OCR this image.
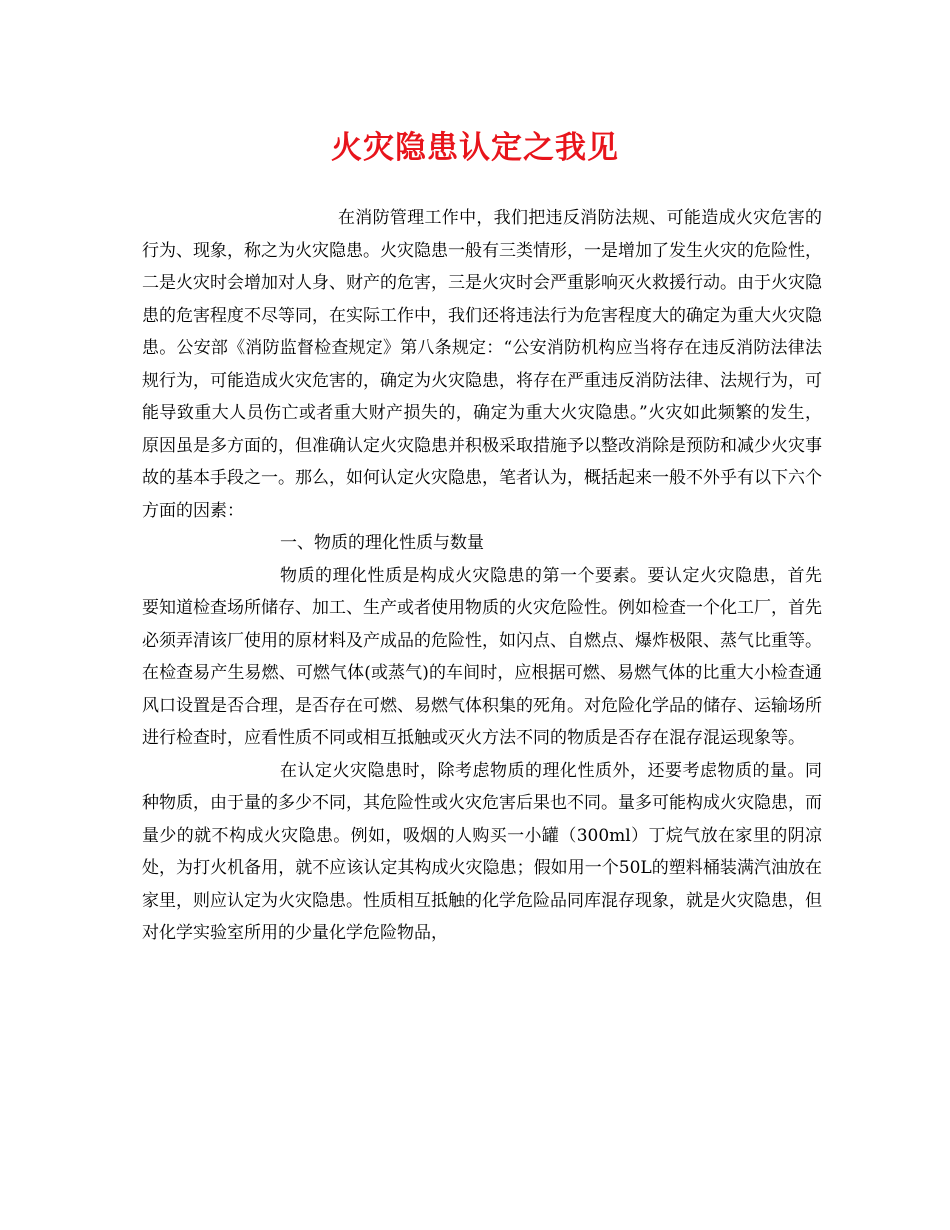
火灾隐患认定之我见

在消防管理工作中，我们把违反消防法规、可能造成火灾危害的行为、现象，称之为火灾隐患。火灾隐患一般有三类情形，一是增加了发生火灾的危险性，二是火灾时会增加对人身、财产的危害，三是火灾时会严重影响灭火救援行动。由于火灾隐患的危害程度不尽等同，在实际工作中，我们还将违法行为危害程度大的确定为重大火灾隐患。公安部《消防监督检查规定》第八条规定：“公安消防机构应当将存在违反消防法律法规行为，可能造成火灾危害的，确定为火灾隐患，将存在严重违反消防法律、法规行为，可能导致重大人员伤亡或者重大财产损失的，确定为重大火灾隐患。”火灾如此频繁的发生，原因虽是多方面的，但准确认定火灾隐患并积极采取措施予以整改消除是预防和减少火灾事故的基本手段之一。那么，如何认定火灾隐患，笔者认为，概括起来一般不外乎有以下六个方面的因素：

一、物质的理化性质与数量

物质的理化性质是构成火灾隐患的第一个要素。要认定火灾隐患，首先要知道检查场所储存、加工、生产或者使用物质的火灾危险性。例如检查一个化工厂，首先必须弄清该厂使用的原材料及产成品的危险性，如闪点、自燃点、爆炸极限、蒸气比重等。在检查易产生易燃、可燃气体(或蒸气)的车间时，应根据可燃、易燃气体的比重大小检查通风口设置是否合理，是否存在可燃、易燃气体积集的死角。对危险化学品的储存、运输场所进行检查时，应看性质不同或相互抵触或灭火方法不同的物质是否存在混存混运现象等。

在认定火灾隐患时，除考虑物质的理化性质外，还要考虑物质的量。同种物质，由于量的多少不同，其危险性或火灾危害后果也不同。量多可能构成火灾隐患，而量少的就不构成火灾隐患。例如，吸烟的人购买一小罐（300ml）丁烷气放在家里的阴凉处，为打火机备用，就不应该认定其构成火灾隐患；假如用一个50L的塑料桶装满汽油放在家里，则应认定为火灾隐患。性质相互抵触的化学危险品同库混存现象，就是火灾隐患，但对化学实验室所用的少量化学危险物品，
